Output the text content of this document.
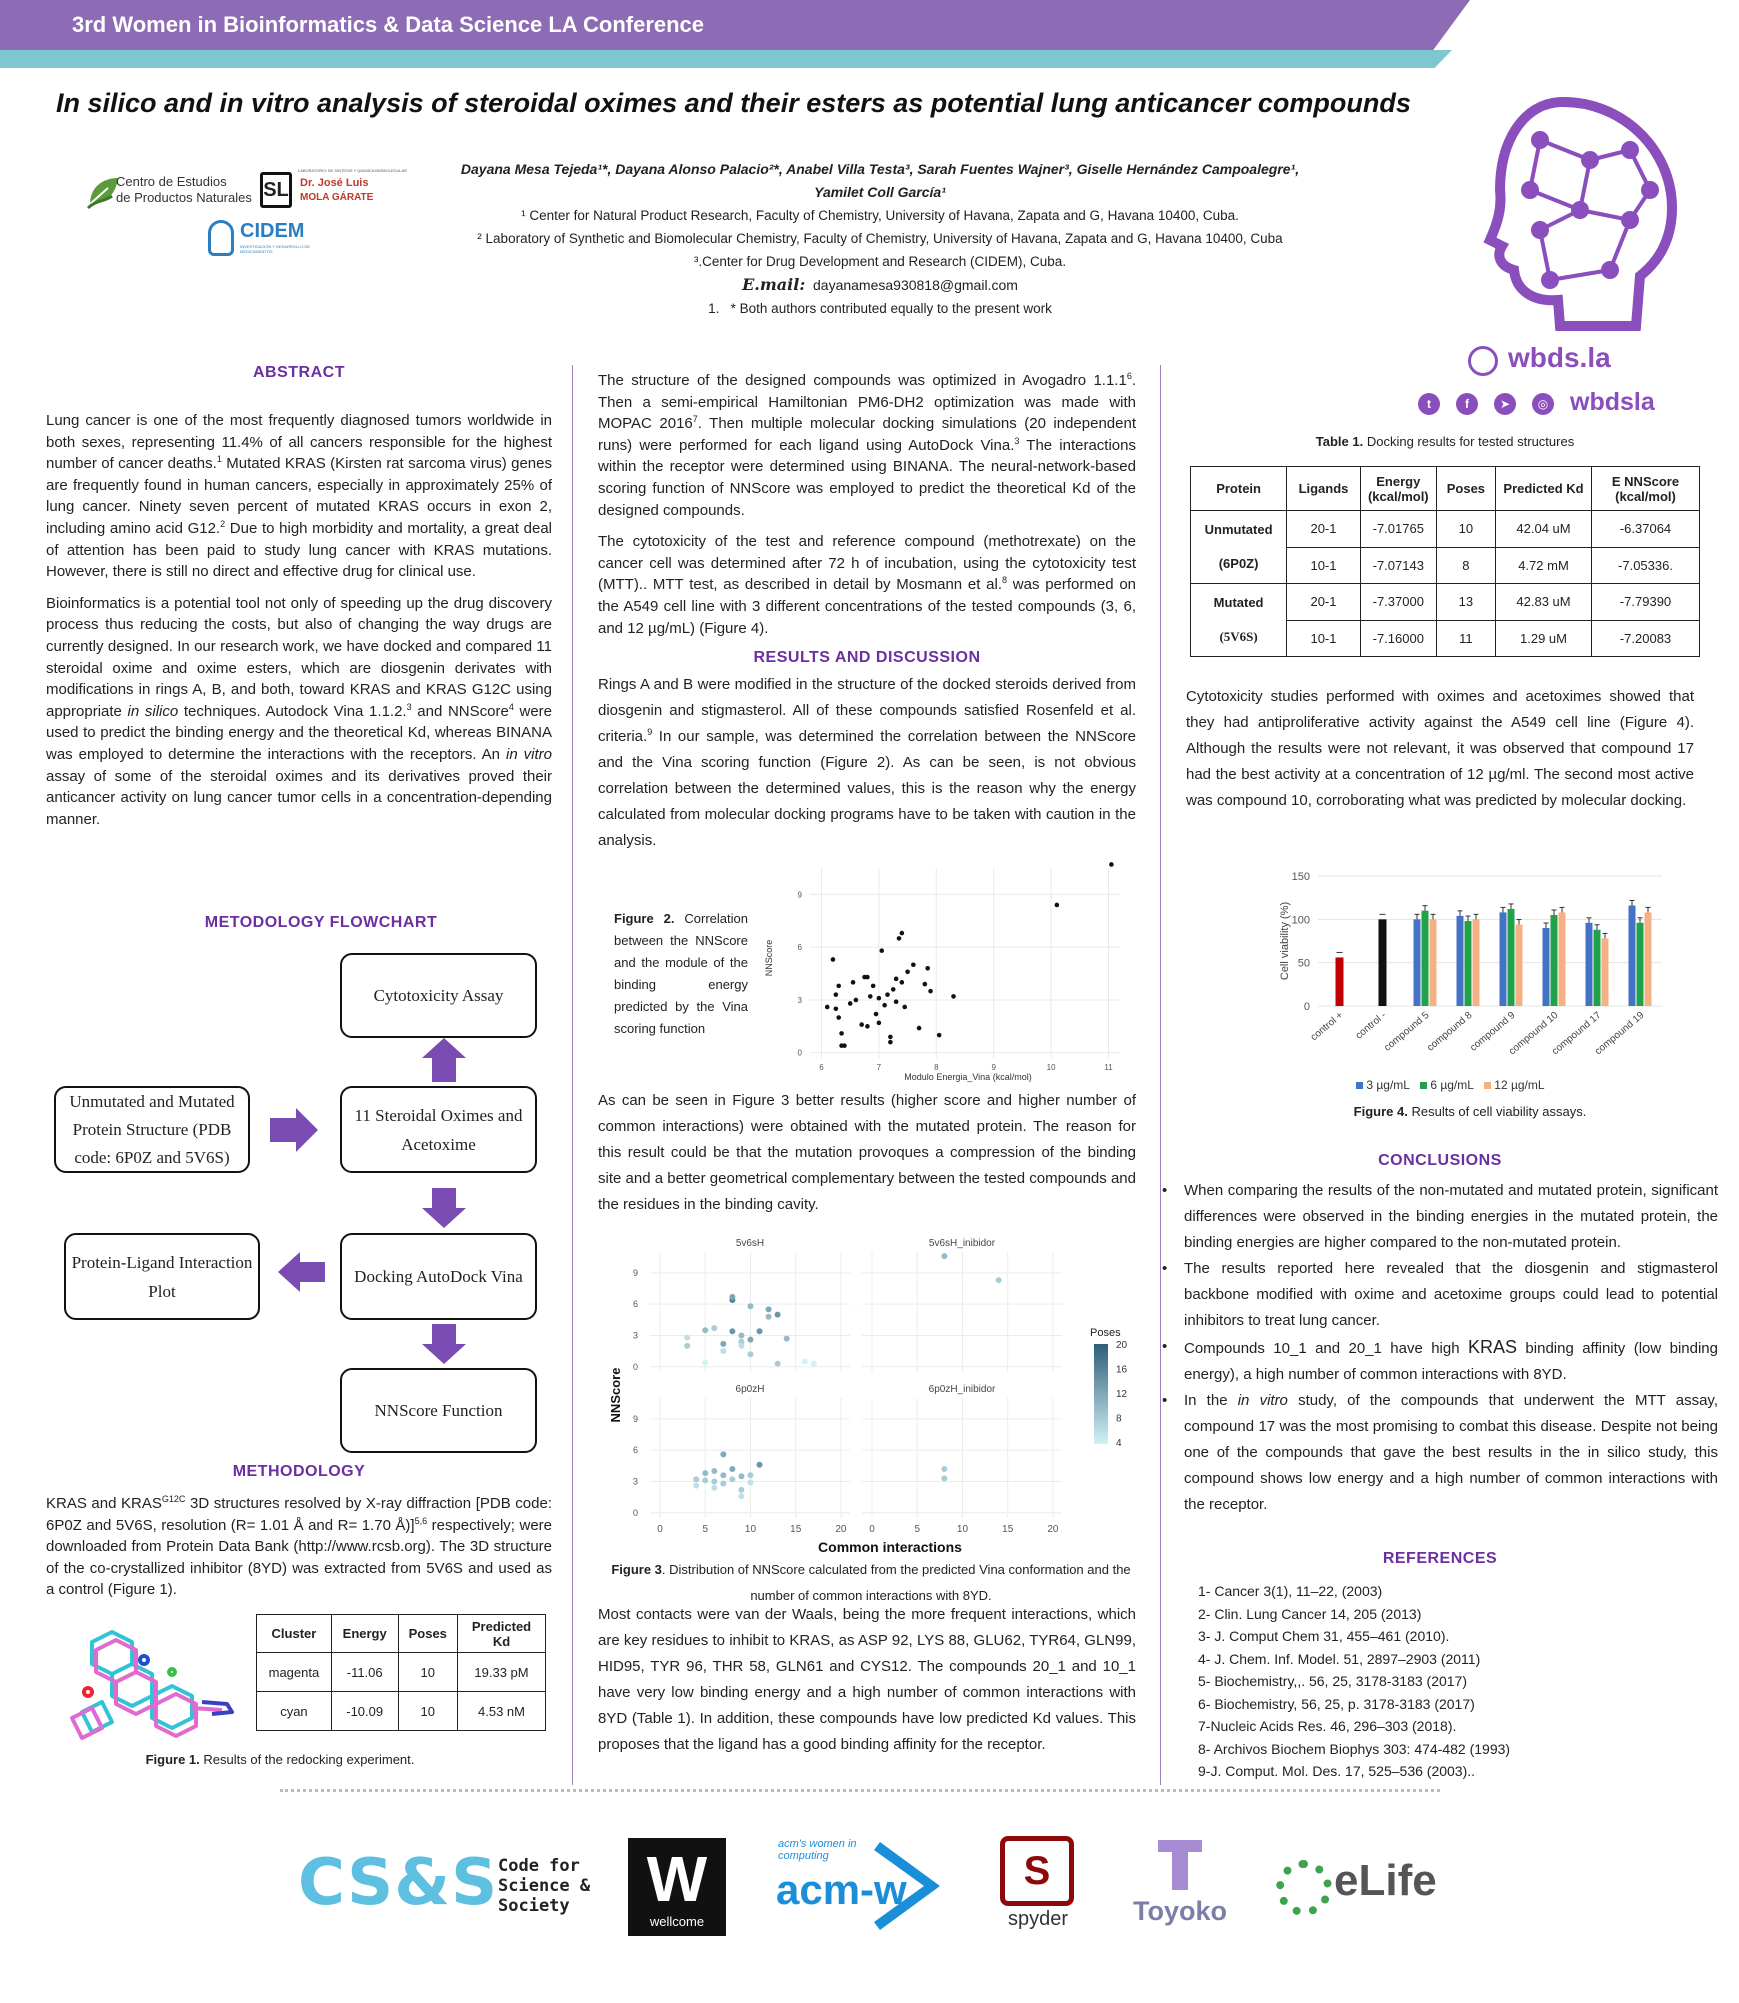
3rd Women in Bioinformatics & Data Science LA Conference
In silico and in vitro analysis of steroidal oximes and their esters as potential lung anticancer compounds
Centro de Estudios
de Productos Naturales SL
LABORATORIO DE SINTESIS Y QUIMICA BIOMOLECULAR
Dr. José Luis
MOLA GÁRATE
CIDEM
INVESTIGACIÓN Y DESARROLLO DE MEDICAMENTOS
Dayana Mesa Tejeda¹*, Dayana Alonso Palacio²*, Anabel Villa Testa³, Sarah Fuentes Wajner³, Giselle Hernández Campoalegre¹,
Yamilet Coll García¹
¹ Center for Natural Product Research, Faculty of Chemistry, University of Havana, Zapata and G, Havana 10400, Cuba.
² Laboratory of Synthetic and Biomolecular Chemistry, Faculty of Chemistry, University of Havana, Zapata and G, Havana 10400, Cuba
³.Center for Drug Development and Research (CIDEM), Cuba.
E.mail: dayanamesa930818@gmail.com
1. * Both authors contributed equally to the present work
wbds.la
t	f	➤	◎ wbdsla
ABSTRACT

Lung cancer is one of the most frequently diagnosed tumors worldwide in both sexes, representing 11.4% of all cancers responsible for the highest number of cancer deaths.$^1$ Mutated KRAS (Kirsten rat sarcoma virus) genes are frequently found in human cancers, especially in approximately 25% of lung cancer. Ninety seven percent of mutated KRAS occurs in exon 2, including amino acid G12.$^2$ Due to high morbidity and mortality, a great deal of attention has been paid to study lung cancer with KRAS mutations. However, there is still no direct and effective drug for clinical use.

Bioinformatics is a potential tool not only of speeding up the drug discovery process thus reducing the costs, but also of changing the way drugs are currently designed. In our research work, we have docked and compared 11 steroidal oxime and oxime esters, which are diosgenin derivates with modifications in rings A, B, and both, toward KRAS and KRAS G12C using appropriate in silico techniques. Autodock Vina 1.1.2.$^3$ and NNScore$^4$ were used to predict the binding energy and the theoretical Kd, whereas BINANA was employed to determine the interactions with the receptors. An in vitro assay of some of the steroidal oximes and its derivatives proved their anticancer activity on lung cancer tumor cells in a concentration-depending manner.

METODOLOGY FLOWCHART
Cytotoxicity Assay
Unmutated and Mutated Protein Structure (PDB code: 6P0Z and 5V6S)
11 Steroidal Oximes and Acetoxime
Protein-Ligand Interaction Plot
Docking AutoDock Vina
NNScore Function
METHODOLOGY

KRAS and $KRAS^{G12C}$ 3D structures resolved by X-ray diffraction [PDB code: 6P0Z and 5V6S, resolution (R= 1.01 Å and R= 1.70 Å)]$^{5,6}$ respectively; were downloaded from Protein Data Bank (http://www.rcsb.org). The 3D structure of the co-crystallized inhibitor (8YD) was extracted from 5V6S and used as a control (Figure 1).

Cluster	Energy	Poses	Predicted Kd
magenta	-11.06	10	19.33 pM
cyan	-10.09	10	4.53 nM
Figure 1. Results of the redocking experiment.

The structure of the designed compounds was optimized in Avogadro 1.1.1$^6$. Then a semi-empirical Hamiltonian PM6-DH2 optimization was made with MOPAC 2016$^7$. Then multiple molecular docking simulations (20 independent runs) were performed for each ligand using AutoDock Vina.$^3$ The interactions within the receptor were determined using BINANA. The neural-network-based scoring function of NNScore was employed to predict the theoretical Kd of the designed compounds.

The cytotoxicity of the test and reference compound (methotrexate) on the cancer cell was determined after 72 h of incubation, using the cytotoxicity test (MTT).. MTT test, as described in detail by Mosmann et al.$^8$ was performed on the A549 cell line with 3 different concentrations of the tested compounds (3, 6, and 12 µg/mL) (Figure 4).

RESULTS AND DISCUSSION

Rings A and B were modified in the structure of the docked steroids derived from diosgenin and stigmasterol. All of these compounds satisfied Rosenfeld et al. criteria.$^9$ In our sample, was determined the correlation between the NNScore and the Vina scoring function (Figure 2). As can be seen, is not obvious correlation between the determined values, this is the reason why the energy calculated from molecular docking programs have to be taken with caution in the analysis.

Figure 2. Correlation between the NNScore and the module of the binding energy predicted by the Vina scoring function
6	7	8	9	10	11
0
3
6
9
Modulo Energia_Vina (kcal/mol)
NNScore

As can be seen in Figure 3 better results (higher score and higher number of common interactions) were obtained with the mutated protein. The reason for this result could be that the mutation provoques a compression of the binding site and a better geometrical complementary between the tested compounds and the residues in the binding cavity.

5v6sH
0
3
6
9
5v6sH_inibidor
6p0zH
0
3
6
9
0	5	10	15	20
6p0zH_inibidor
0	5	10	15	20
Common interactions
NNScore
Poses
20
16
12
8
4
Figure 3. Distribution of NNScore calculated from the predicted Vina conformation and the number of common interactions with 8YD.

Most contacts were van der Waals, being the more frequent interactions, which are key residues to inhibit to KRAS, as ASP 92, LYS 88, GLU62, TYR64, GLN99, HID95, TYR 96, THR 58, GLN61 and CYS12. The compounds 20_1 and 10_1 have very low binding energy and a high number of common interactions with 8YD (Table 1). In addition, these compounds have low predicted Kd values. This proposes that the ligand has a good binding affinity for the receptor.

Table 1. Docking results for tested structures
Protein	Ligands	Energy (kcal/mol)	Poses	Predicted Kd	E NNScore (kcal/mol)

Unmutated
(6P0Z)	20-1	-7.01765	10	42.04 uM	-6.37064
	10-1	-7.07143	8	4.72 mM	-7.05336.

Mutated
(5V6S)	20-1	-7.37000	13	42.83 uM	-7.79390
	10-1	-7.16000	11	1.29 uM	-7.20083

Cytotoxicity studies performed with oximes and acetoximes showed that they had antiproliferative activity against the A549 cell line (Figure 4). Although the results were not relevant, it was observed that compound 17 had the best activity at a concentration of 12 µg/ml. The second most active was compound 10, corroborating what was predicted by molecular docking.

0
50
100
150
control + control -
compound 5
compound 8
compound 9
compound 10
compound 17
compound 19
Cell viability (%)
3 µg/mL 6 µg/mL 12 µg/mL
Figure 4. Results of cell viability assays.
CONCLUSIONS
• When comparing the results of the non-mutated and mutated protein, significant differences were observed in the binding energies in the mutated protein, the binding energies are higher compared to the non-mutated protein.
• The results reported here revealed that the diosgenin and stigmasterol backbone modified with oxime and acetoxime groups could lead to potential inhibitors to treat lung cancer.
• Compounds 10_1 and 20_1 have high KRAS binding affinity (low binding energy), a high number of common interactions with 8YD.
• In the in vitro study, of the compounds that underwent the MTT assay, compound 17 was the most promising to combat this disease. Despite not being one of the compounds that gave the best results in the in silico study, this compound shows low energy and a high number of common interactions with the receptor.
REFERENCES
1- Cancer 3(1), 11–22, (2003)
2- Clin. Lung Cancer 14, 205 (2013)
3- J. Comput Chem 31, 455–461 (2010).
4- J. Chem. Inf. Model. 51, 2897–2903 (2011)
5- Biochemistry,,. 56, 25, 3178-3183 (2017)
6- Biochemistry, 56, 25, p. 3178-3183 (2017)
7-Nucleic Acids Res. 46, 296–303 (2018).
8- Archivos Biochem Biophys 303: 474-482 (1993)
9-J. Comput. Mol. Des. 17, 525–536 (2003)..
CS&S Code for
Science &
Society	W
wellcome
acm's women in
computing
acm-w	S
spyder Toyoko
eLife
